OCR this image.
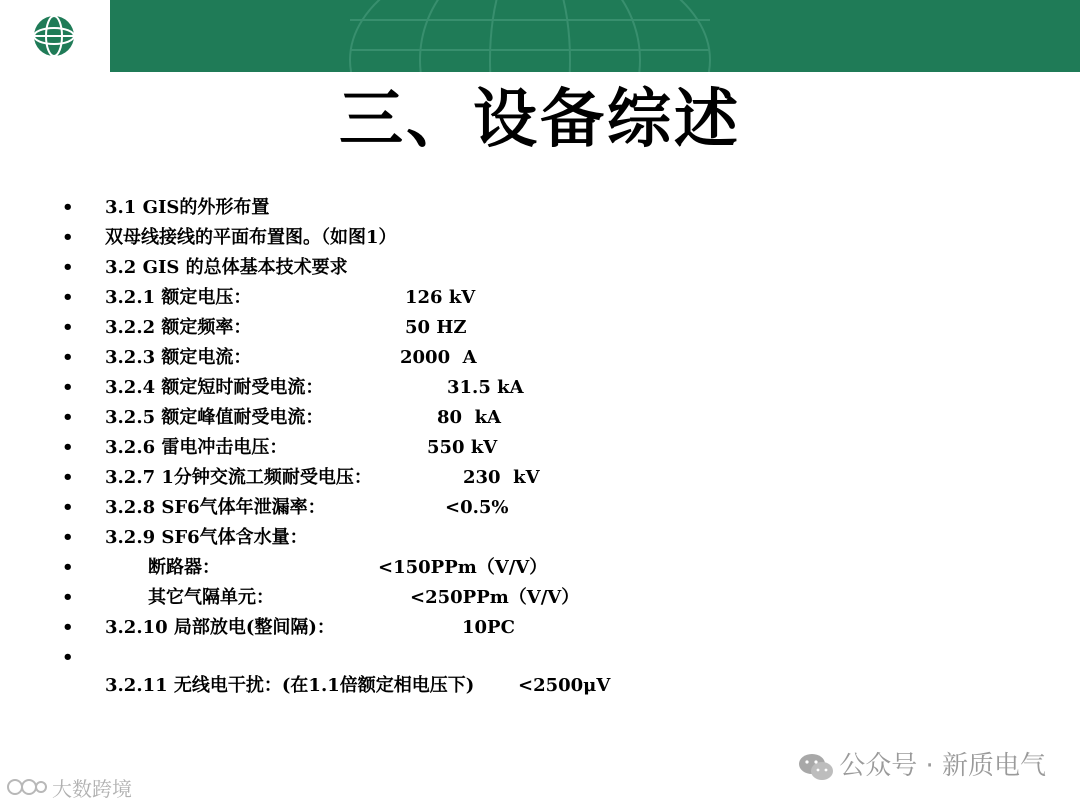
三、设备综述
• 3.1 GIS的外形布置
• 双母线接线的平面布置图。（如图1）
• 3.2 GIS 的总体基本技术要求
• 3.2.1 额定电压：	126 kV
• 3.2.2 额定频率：	50 HZ
• 3.2.3 额定电流：	2000  A
• 3.2.4 额定短时耐受电流：	31.5 kA
• 3.2.5 额定峰值耐受电流：	80  kA
• 3.2.6 雷电冲击电压：	550 kV
• 3.2.7 1分钟交流工频耐受电压：	230  kV
• 3.2.8 SF6气体年泄漏率：	<0.5%
• 3.2.9 SF6气体含水量：
•	断路器：	<150PPm（V/V）
•	其它气隔单元：	<250PPm（V/V）
• 3.2.10 局部放电(整间隔)：	10PC
•
3.2.11 无线电干扰：(在1.1倍额定相电压下) <2500μV
公众号 · 新质电气
大数跨境
